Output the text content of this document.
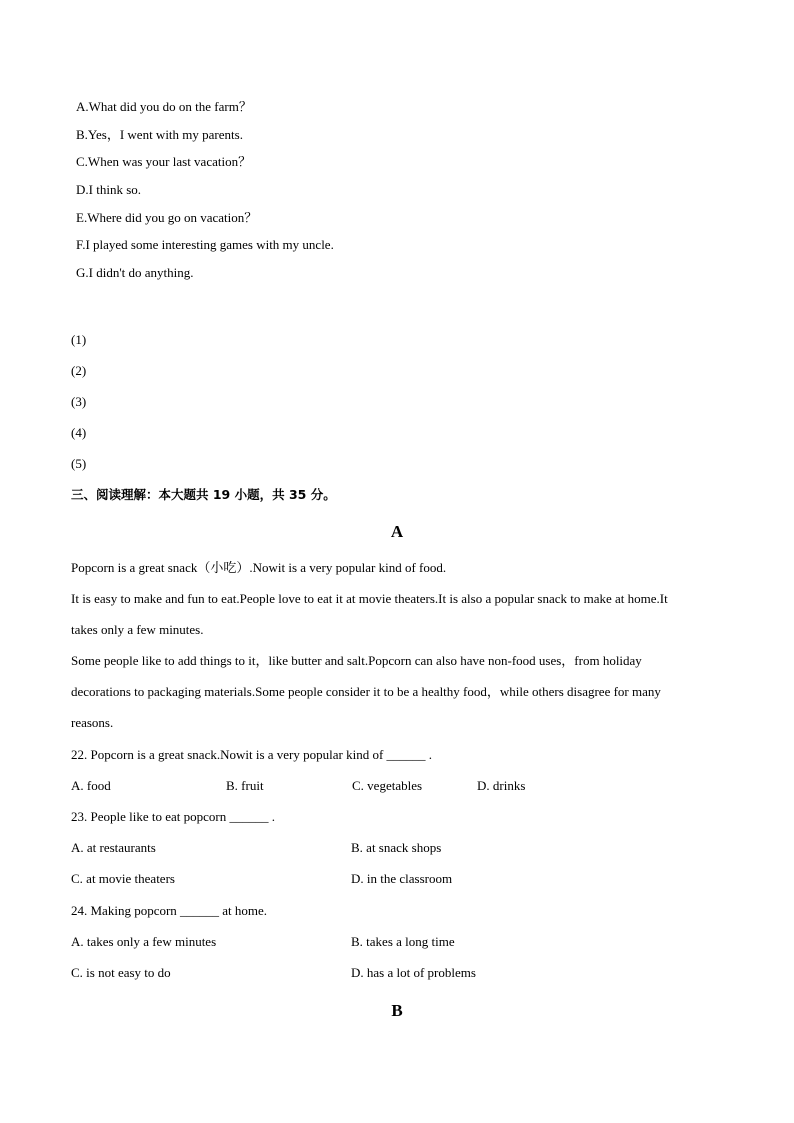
A.What did you do on the farm？
B.Yes，I went with my parents.
C.When was your last vacation？
D.I think so.
E.Where did you go on vacation？
F.I played some interesting games with my uncle.
G.I didn't do anything.
(1)
(2)
(3)
(4)
(5)
三、阅读理解：本大题共 19 小题，共 35 分。
A
Popcorn is a great snack（小吃）.Nowit is a very popular kind of food.
It is easy to make and fun to eat.People love to eat it at movie theaters.It is also a popular snack to make at home.It
takes only a few minutes.
Some people like to add things to it，like butter and salt.Popcorn can also have non-food uses，from holiday
decorations to packaging materials.Some people consider it to be a healthy food，while others disagree for many
reasons.
22. Popcorn is a great snack.Nowit is a very popular kind of ______ .
A. food	B. fruit	C. vegetables	D. drinks
23. People like to eat popcorn ______ .
A. at restaurants	B. at snack shops
C. at movie theaters	D. in the classroom
24. Making popcorn ______ at home.
A. takes only a few minutes	B. takes a long time
C. is not easy to do	D. has a lot of problems
B
